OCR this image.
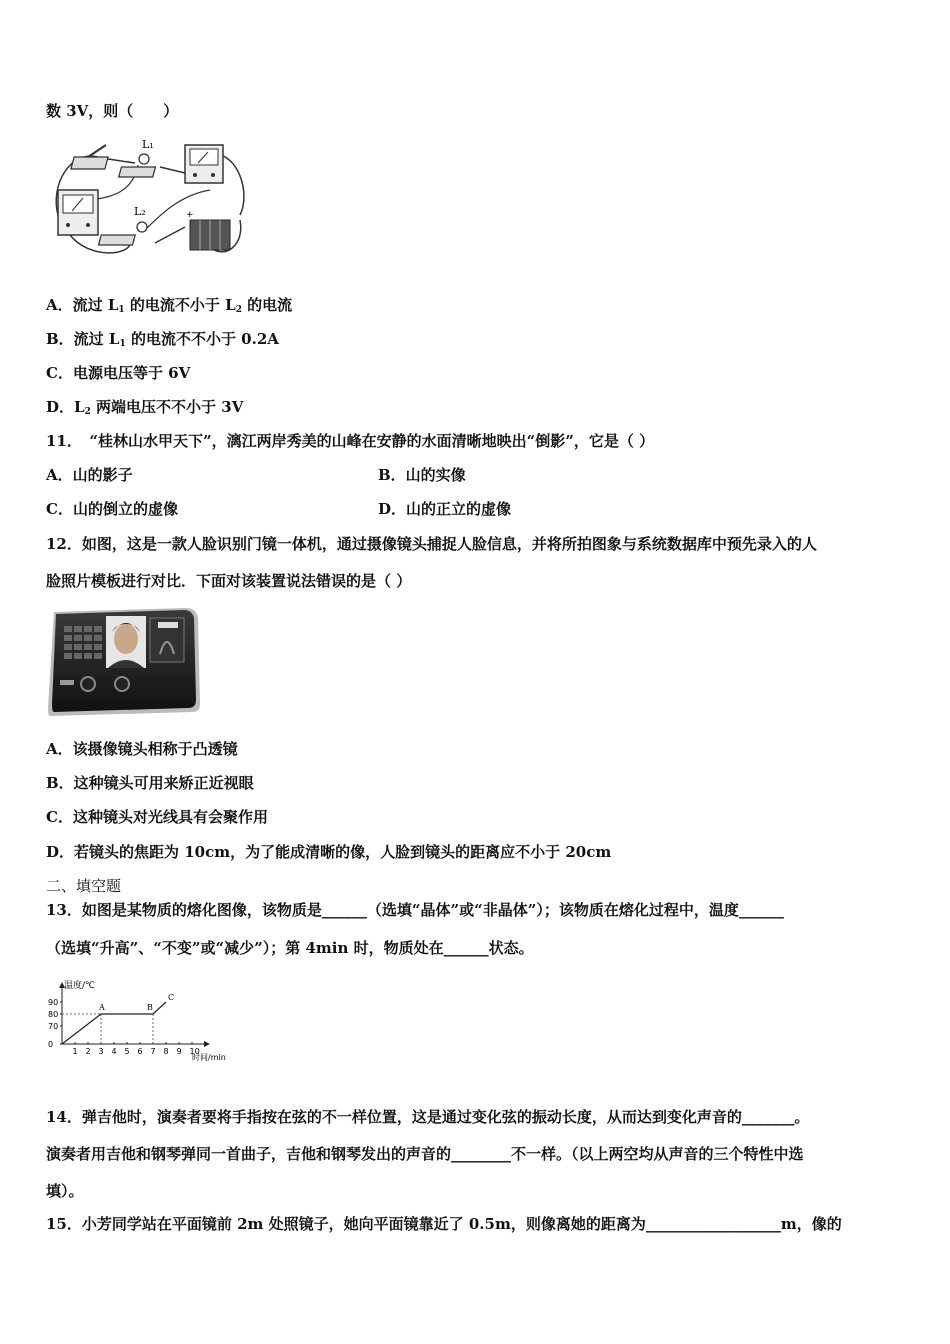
数 3V，则（　　）
L₁
L₂	+
A．流过 $L_1$ 的电流不小于 $L_2$ 的电流
B．流过 $L_1$ 的电流不不小于 0.2A
C．电源电压等于 6V
D．$L_2$ 两端电压不不小于 3V
11．　“桂林山水甲天下”，漓江两岸秀美的山峰在安静的水面清晰地映出“倒影”，它是（ ）
A．山的影子	B．山的实像
C．山的倒立的虚像	D．山的正立的虚像
12．如图，这是一款人脸识别门镜一体机，通过摄像镜头捕捉人脸信息，并将所拍图象与系统数据库中预先录入的人
脸照片模板进行对比．下面对该装置说法错误的是（ ）
A．该摄像镜头相称于凸透镜
B．这种镜头可用来矫正近视眼
C．这种镜头对光线具有会聚作用
D．若镜头的焦距为 10cm，为了能成清晰的像，人脸到镜头的距离应不小于 20cm
二、填空题
13．如图是某物质的熔化图像，该物质是______（选填“晶体”或“非晶体”）；该物质在熔化过程中，温度______
（选填“升高”、“不变”或“减少”）；第 4min 时，物质处在______状态。
温度/℃
时间/min
90
80
70
0
1 2 3 4 5 6 7 8 9 10
A	B
C
14．弹吉他时，演奏者要将手指按在弦的不一样位置，这是通过变化弦的振动长度，从而达到变化声音的_______。
演奏者用吉他和钢琴弹同一首曲子，吉他和钢琴发出的声音的________不一样。（以上两空均从声音的三个特性中选
填）。
15．小芳同学站在平面镜前 2m 处照镜子，她向平面镜靠近了 0.5m，则像离她的距离为__________________m，像的
